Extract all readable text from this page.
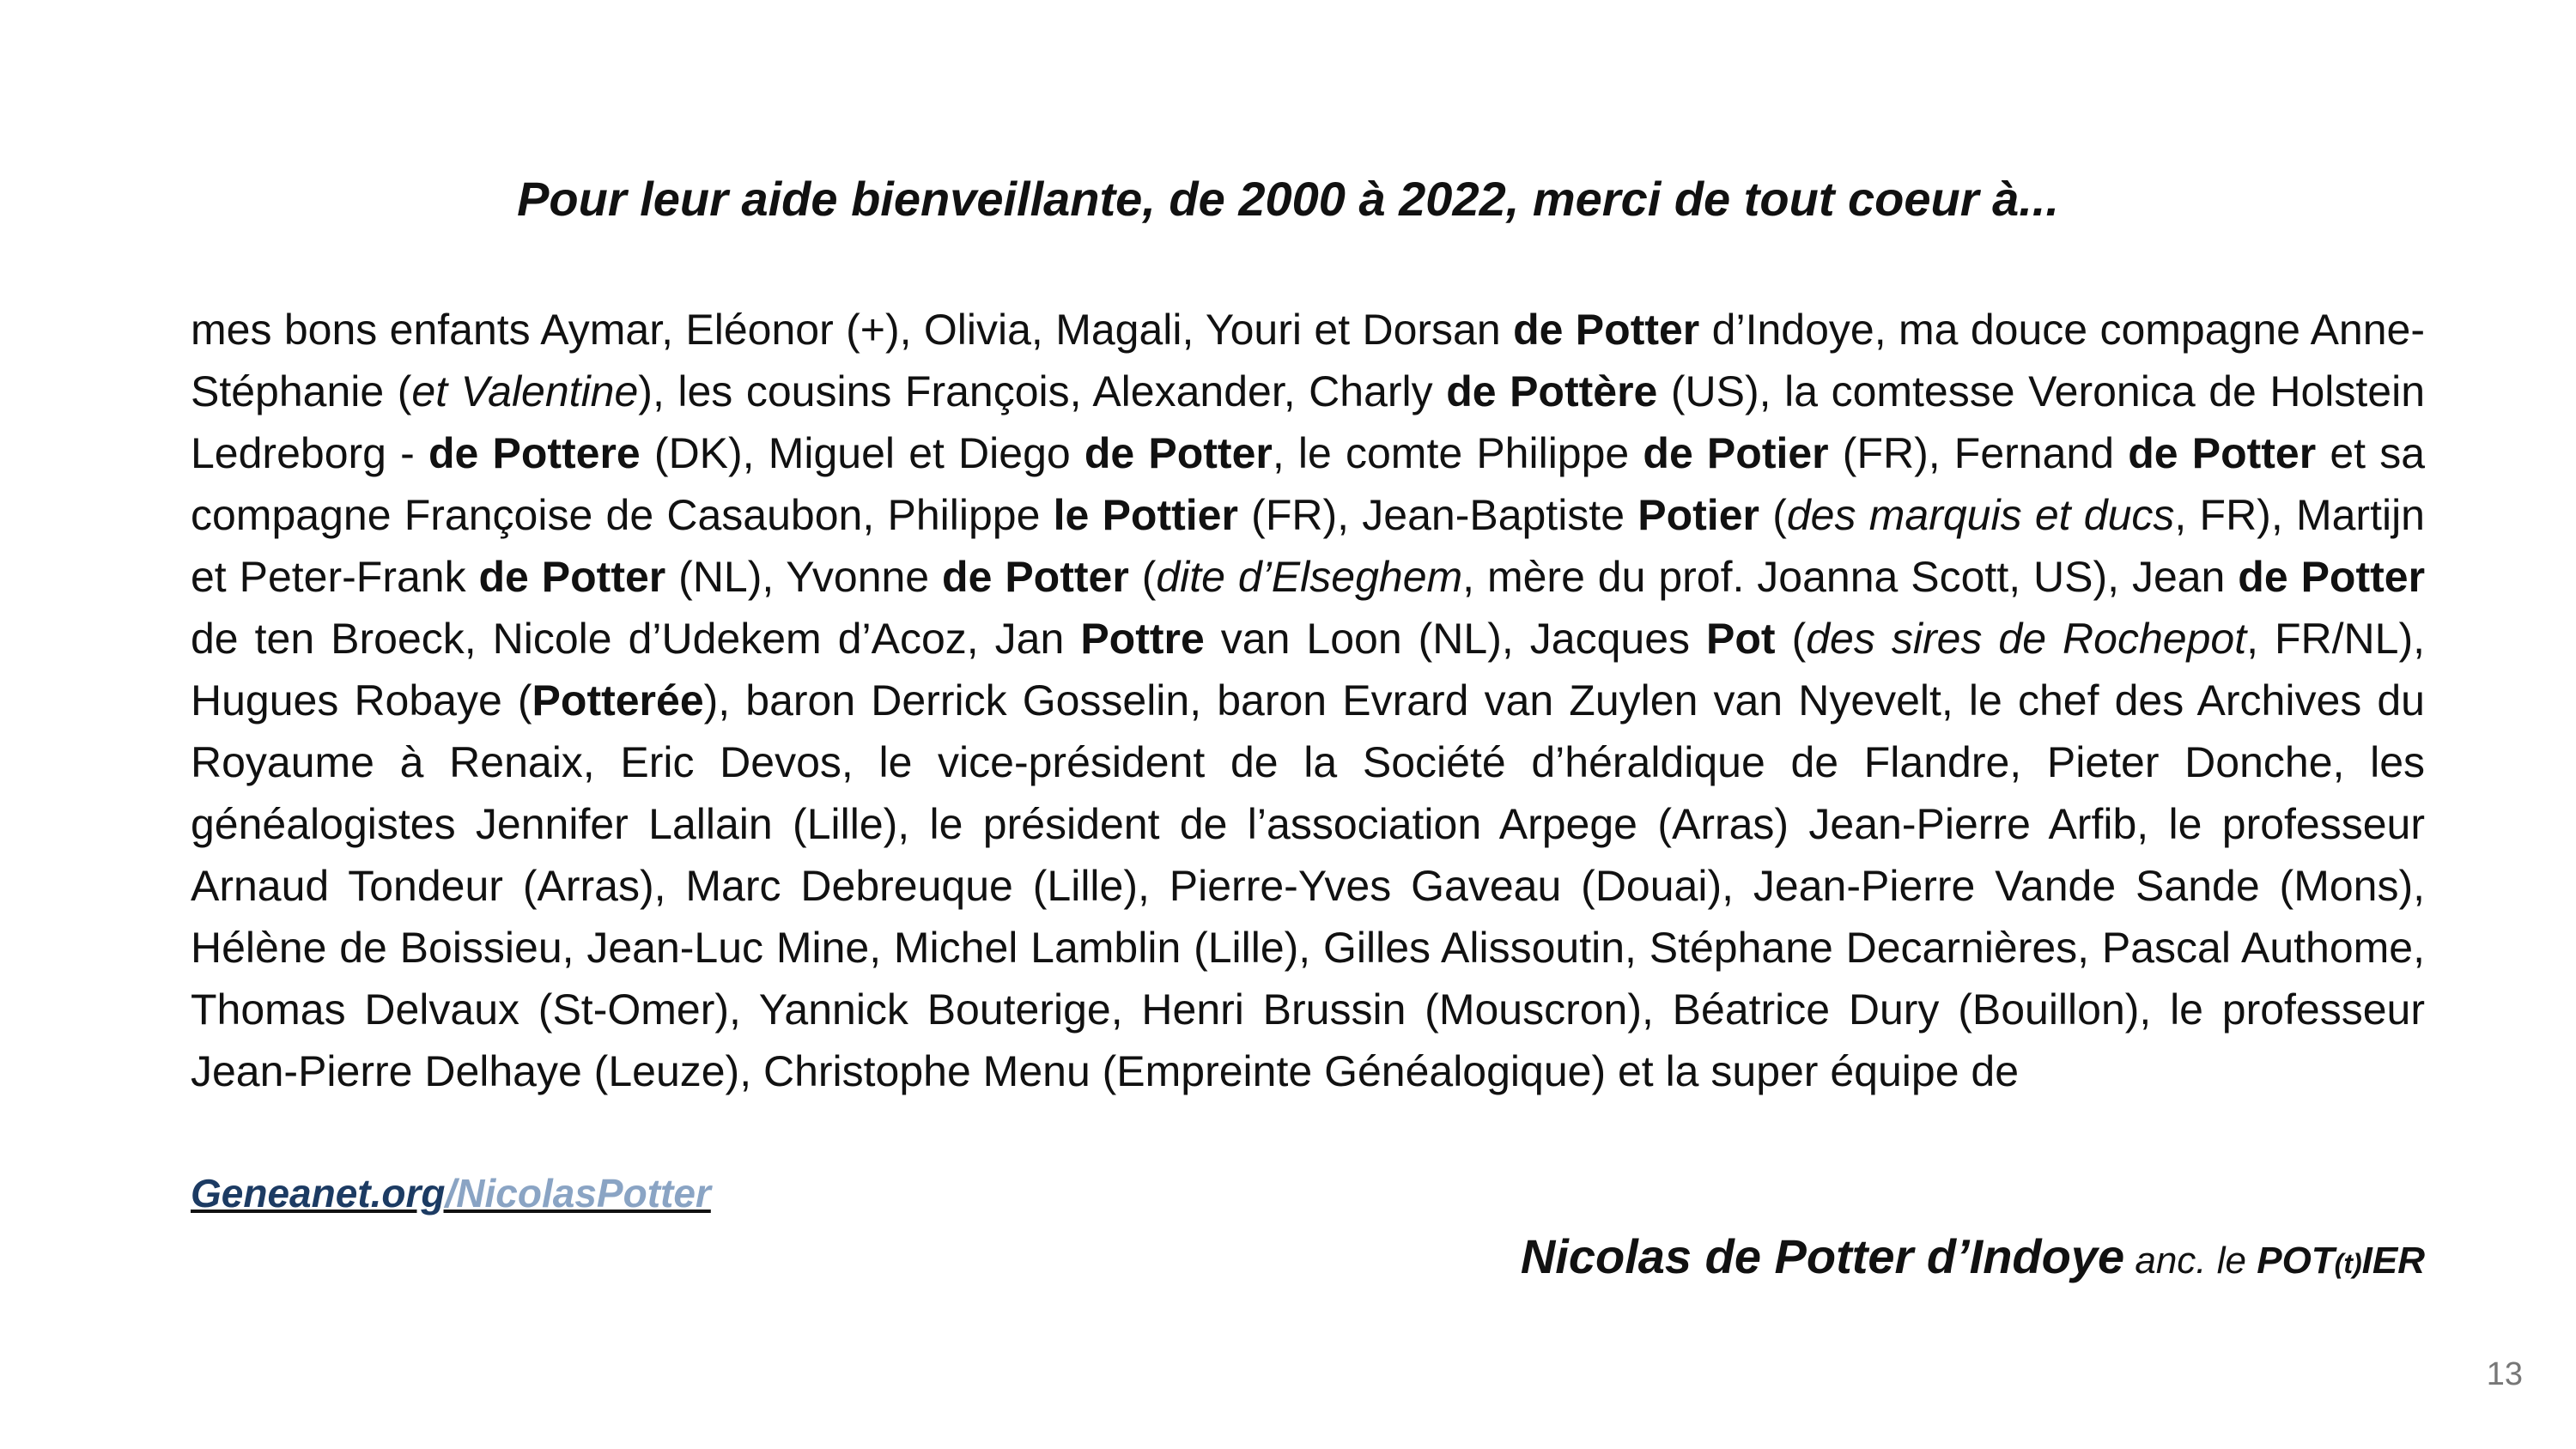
Pour leur aide bienveillante, de 2000 à 2022, merci de tout coeur à...

mes bons enfants Aymar, Eléonor (+), Olivia, Magali, Youri et Dorsan de Potter d’Indoye, ma douce compagne Anne-Stéphanie (et Valentine), les cousins François, Alexander, Charly de Pottère (US), la comtesse Veronica de Holstein Ledreborg - de Pottere (DK), Miguel et Diego de Potter, le comte Philippe de Potier (FR), Fernand de Potter et sa compagne Françoise de Casaubon, Philippe le Pottier (FR), Jean-Baptiste Potier (des marquis et ducs, FR), Martijn et Peter-Frank de Potter (NL), Yvonne de Potter (dite d’Elseghem, mère du prof. Joanna Scott, US), Jean de Potter de ten Broeck, Nicole d’Udekem d’Acoz, Jan Pottre van Loon (NL), Jacques Pot (des sires de Rochepot, FR/NL), Hugues Robaye (Potterée), baron Derrick Gosselin, baron Evrard van Zuylen van Nyevelt, le chef des Archives du Royaume à Renaix, Eric Devos, le vice-président de la Société d’héraldique de Flandre, Pieter Donche, les généalogistes Jennifer Lallain (Lille), le président de l’association Arpege (Arras) Jean-Pierre Arfib, le professeur Arnaud Tondeur (Arras), Marc Debreuque (Lille), Pierre-Yves Gaveau (Douai), Jean-Pierre Vande Sande (Mons), Hélène de Boissieu, Jean-Luc Mine, Michel Lamblin (Lille), Gilles Alissoutin, Stéphane Decarnières, Pascal Authome, Thomas Delvaux (St-Omer), Yannick Bouterige, Henri Brussin (Mouscron), Béatrice Dury (Bouillon), le professeur Jean-Pierre Delhaye (Leuze), Christophe Menu (Empreinte Généalogique) et la super équipe de

Geneanet.org/NicolasPotter
Nicolas de Potter d’Indoye anc. le POT(t)IER
13
